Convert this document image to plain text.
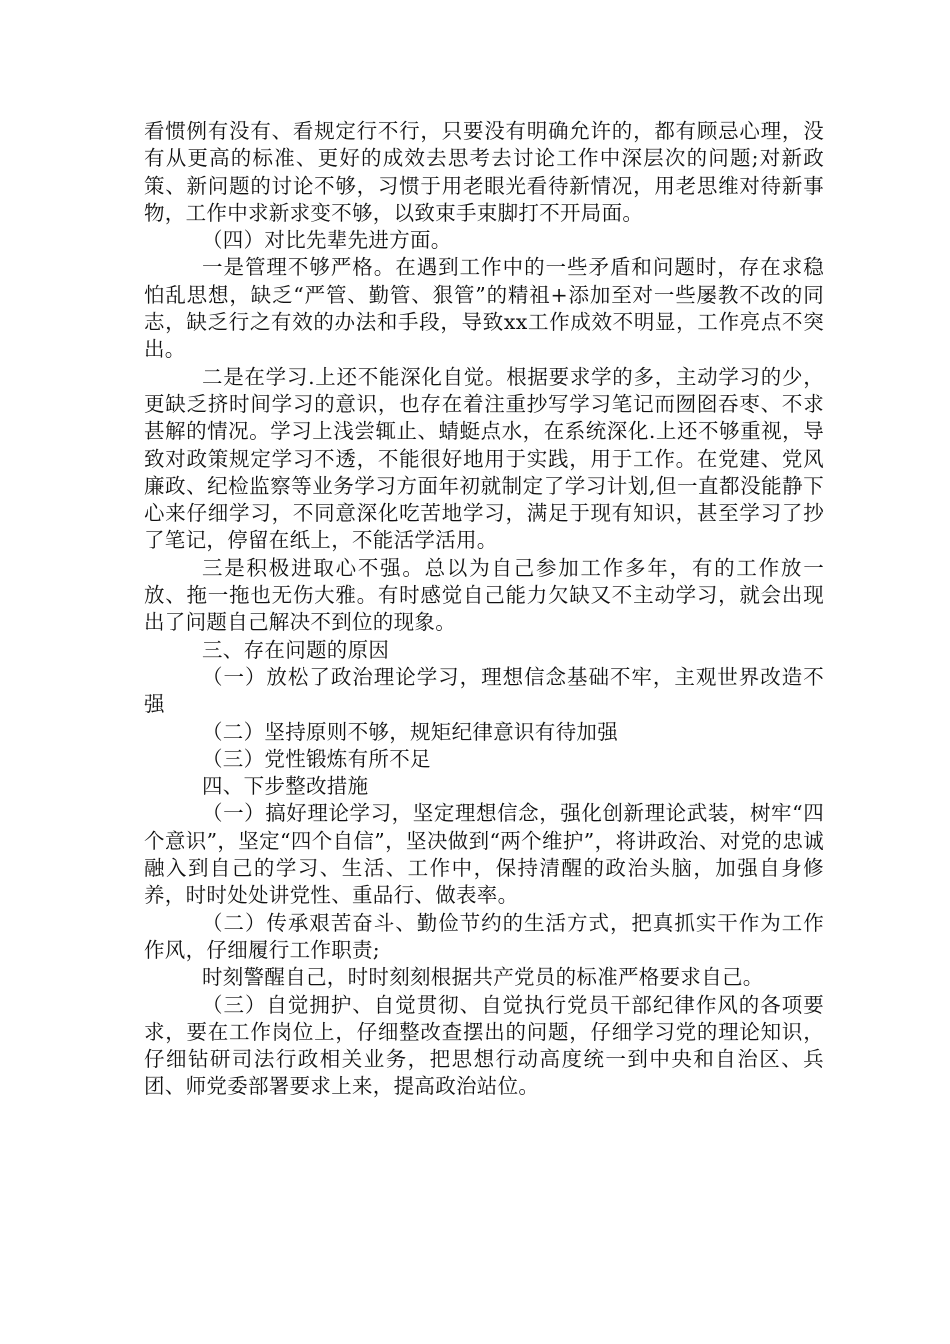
看惯例有没有、看规定行不行，只要没有明确允许的，都有顾忌心理，没有从更高的标准、更好的成效去思考去讨论工作中深层次的问题;对新政策、新问题的讨论不够，习惯于用老眼光看待新情况，用老思维对待新事物，工作中求新求变不够，以致束手束脚打不开局面。

（四）对比先辈先进方面。

一是管理不够严格。在遇到工作中的一些矛盾和问题时，存在求稳怕乱思想，缺乏“严管、勤管、狠管”的精祖+添加至对一些屡教不改的同志，缺乏行之有效的办法和手段，导致xx工作成效不明显，工作亮点不突出。

二是在学习.上还不能深化自觉。根据要求学的多，主动学习的少，更缺乏挤时间学习的意识，也存在着注重抄写学习笔记而囫囵吞枣、不求甚解的情况。学习上浅尝辄止、蜻蜓点水，在系统深化.上还不够重视，导致对政策规定学习不透，不能很好地用于实践，用于工作。在党建、党风廉政、纪检监察等业务学习方面年初就制定了学习计划,但一直都没能静下心来仔细学习，不同意深化吃苦地学习，满足于现有知识，甚至学习了抄了笔记，停留在纸上，不能活学活用。

三是积极进取心不强。总以为自己参加工作多年，有的工作放一放、拖一拖也无伤大雅。有时感觉自己能力欠缺又不主动学习，就会出现出了问题自己解决不到位的现象。

三、存在问题的原因

（一）放松了政治理论学习，理想信念基础不牢，主观世界改造不强

（二）坚持原则不够，规矩纪律意识有待加强

（三）党性锻炼有所不足

四、下步整改措施

（一）搞好理论学习，坚定理想信念，强化创新理论武装，树牢“四个意识”，坚定“四个自信”，坚决做到“两个维护”，将讲政治、对党的忠诚融入到自己的学习、生活、工作中，保持清醒的政治头脑，加强自身修养，时时处处讲党性、重品行、做表率。

（二）传承艰苦奋斗、勤俭节约的生活方式，把真抓实干作为工作作风，仔细履行工作职责;

时刻警醒自己，时时刻刻根据共产党员的标准严格要求自己。

（三）自觉拥护、自觉贯彻、自觉执行党员干部纪律作风的各项要求，要在工作岗位上，仔细整改查摆出的问题，仔细学习党的理论知识，仔细钻研司法行政相关业务，把思想行动高度统一到中央和自治区、兵团、师党委部署要求上来，提高政治站位。
